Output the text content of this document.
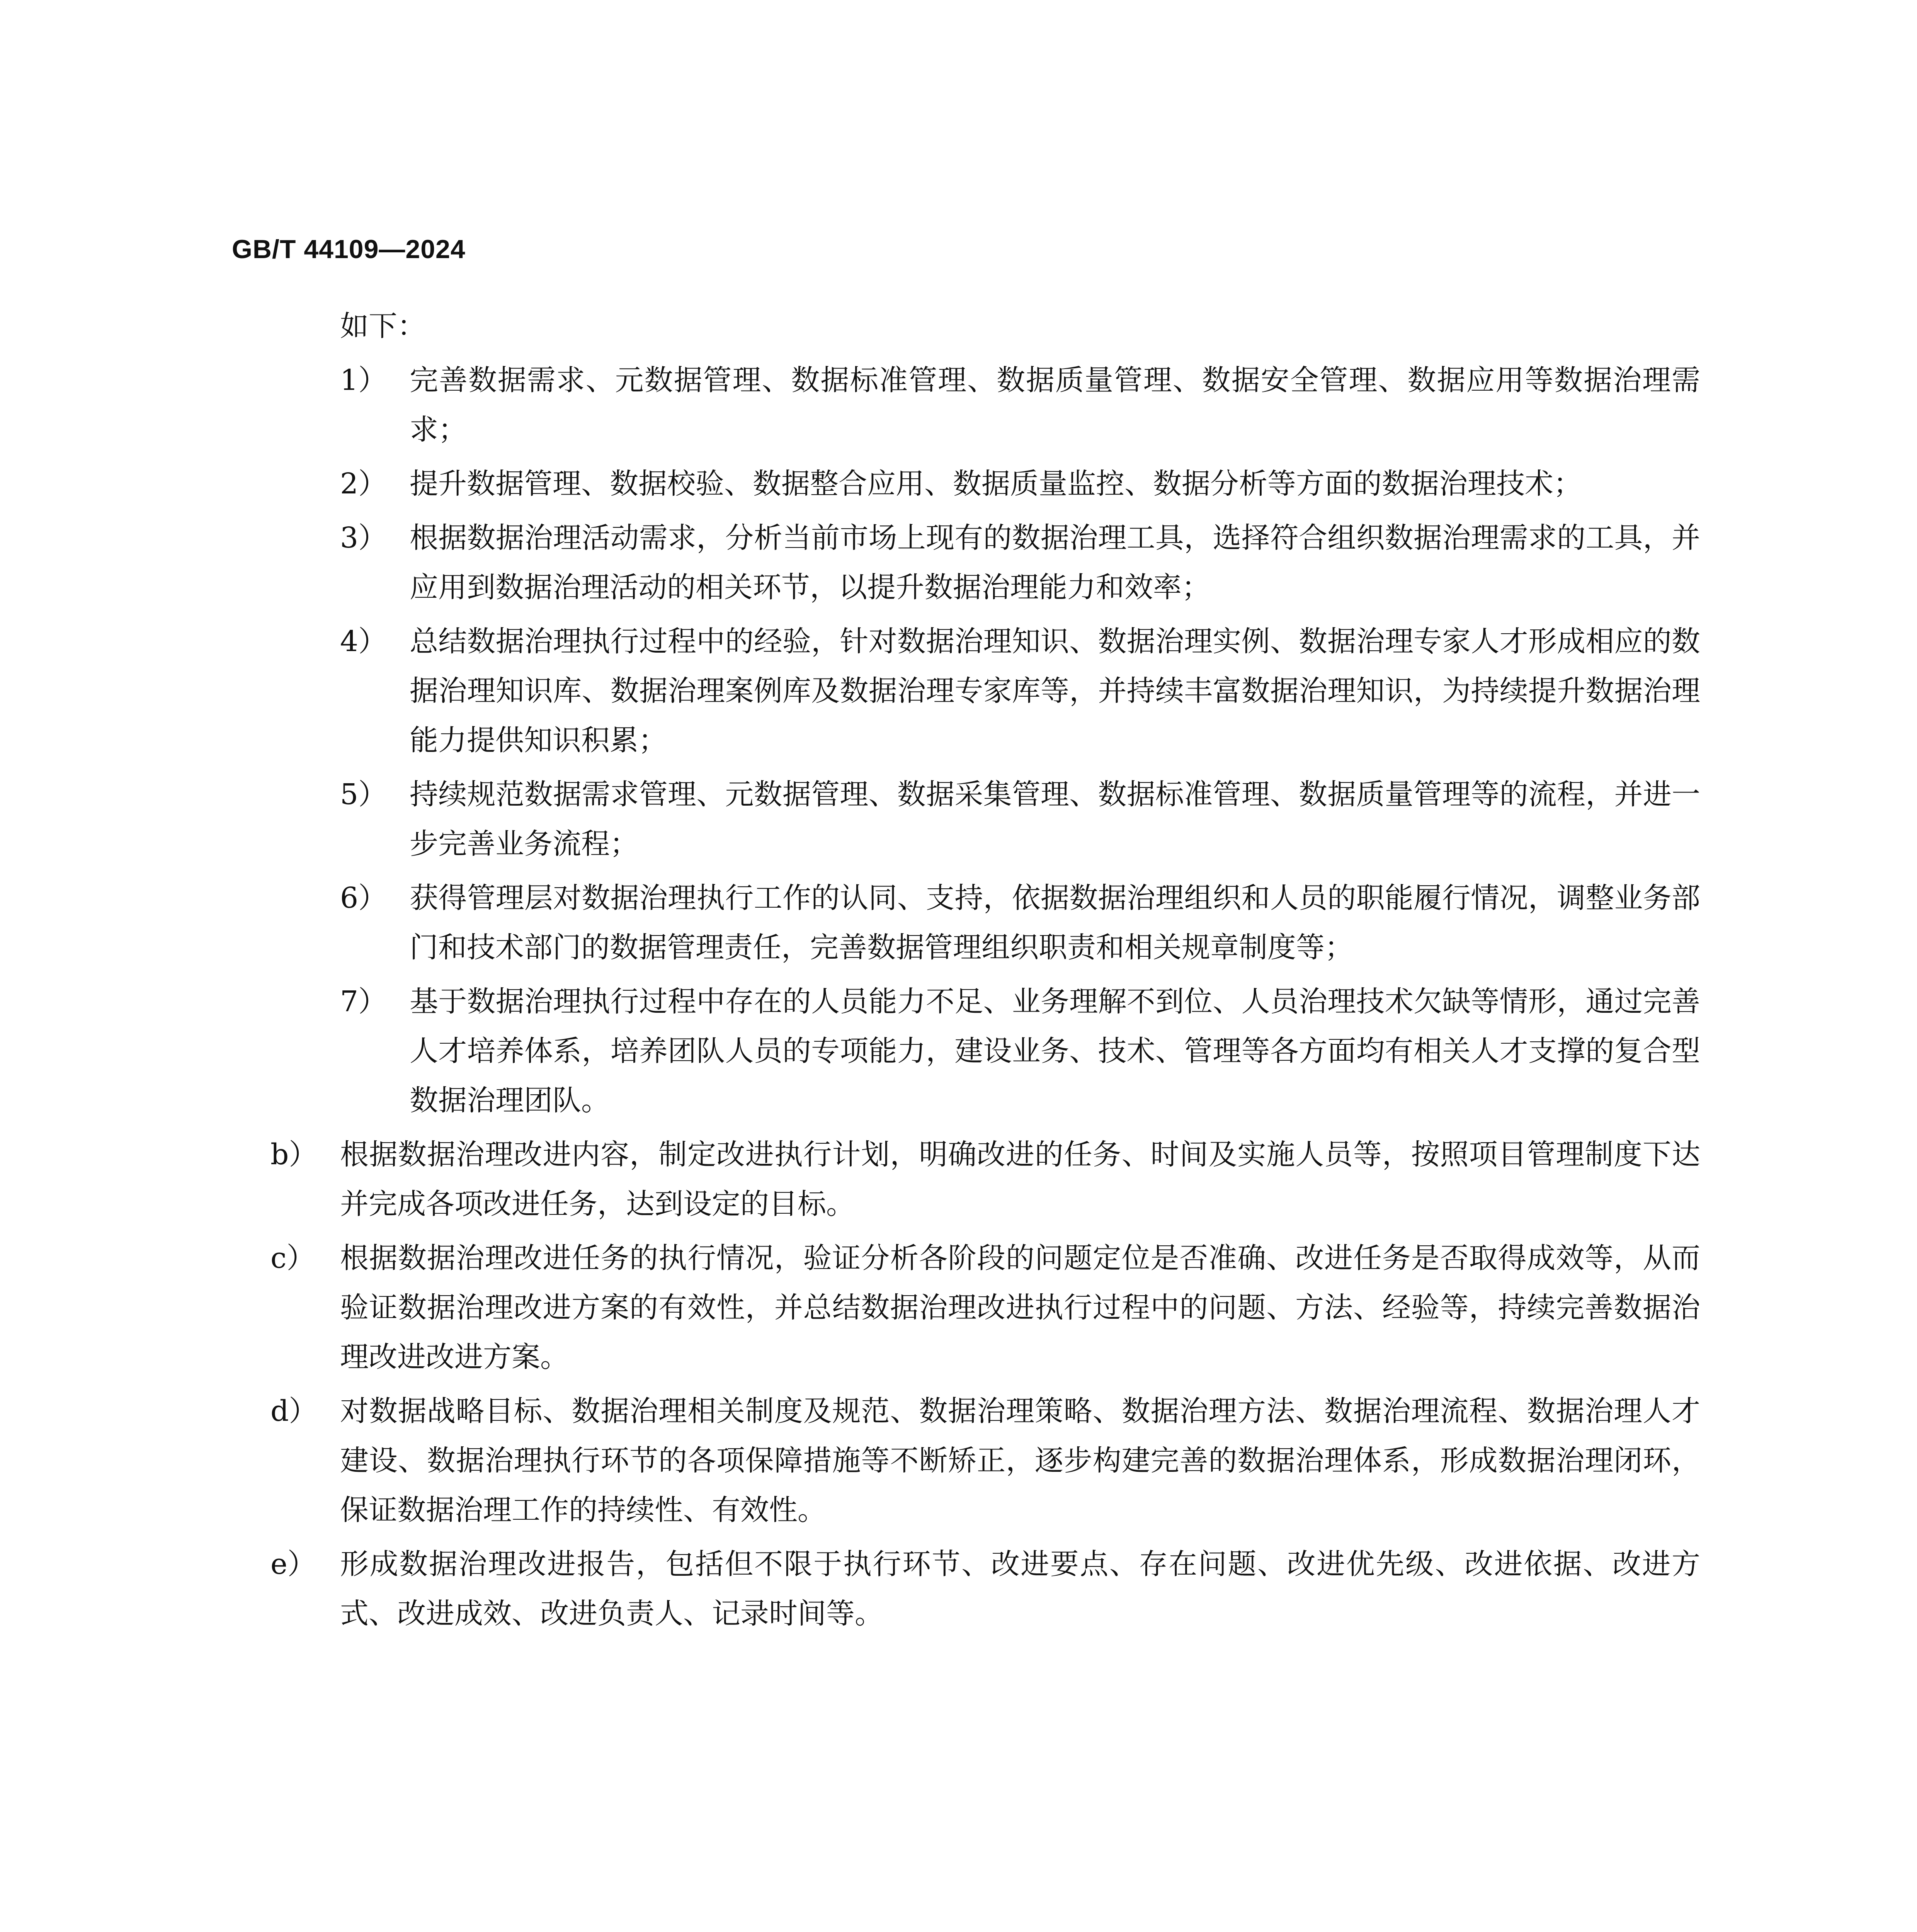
GB/T 44109—2024
如下：
1） 完善数据需求、元数据管理、数据标准管理、数据质量管理、数据安全管理、数据应用等数据治理需求；
2） 提升数据管理、数据校验、数据整合应用、数据质量监控、数据分析等方面的数据治理技术；
3） 根据数据治理活动需求，分析当前市场上现有的数据治理工具，选择符合组织数据治理需求的工具，并应用到数据治理活动的相关环节，以提升数据治理能力和效率；
4） 总结数据治理执行过程中的经验，针对数据治理知识、数据治理实例、数据治理专家人才形成相应的数据治理知识库、数据治理案例库及数据治理专家库等，并持续丰富数据治理知识，为持续提升数据治理能力提供知识积累；
5） 持续规范数据需求管理、元数据管理、数据采集管理、数据标准管理、数据质量管理等的流程，并进一步完善业务流程；
6） 获得管理层对数据治理执行工作的认同、支持，依据数据治理组织和人员的职能履行情况，调整业务部门和技术部门的数据管理责任，完善数据管理组织职责和相关规章制度等；
7） 基于数据治理执行过程中存在的人员能力不足、业务理解不到位、人员治理技术欠缺等情形，通过完善人才培养体系，培养团队人员的专项能力，建设业务、技术、管理等各方面均有相关人才支撑的复合型数据治理团队。
b） 根据数据治理改进内容，制定改进执行计划，明确改进的任务、时间及实施人员等，按照项目管理制度下达并完成各项改进任务，达到设定的目标。
c） 根据数据治理改进任务的执行情况，验证分析各阶段的问题定位是否准确、改进任务是否取得成效等，从而验证数据治理改进方案的有效性，并总结数据治理改进执行过程中的问题、方法、经验等，持续完善数据治理改进改进方案。
d） 对数据战略目标、数据治理相关制度及规范、数据治理策略、数据治理方法、数据治理流程、数据治理人才建设、数据治理执行环节的各项保障措施等不断矫正，逐步构建完善的数据治理体系，形成数据治理闭环，保证数据治理工作的持续性、有效性。
e） 形成数据治理改进报告，包括但不限于执行环节、改进要点、存在问题、改进优先级、改进依据、改进方式、改进成效、改进负责人、记录时间等。
